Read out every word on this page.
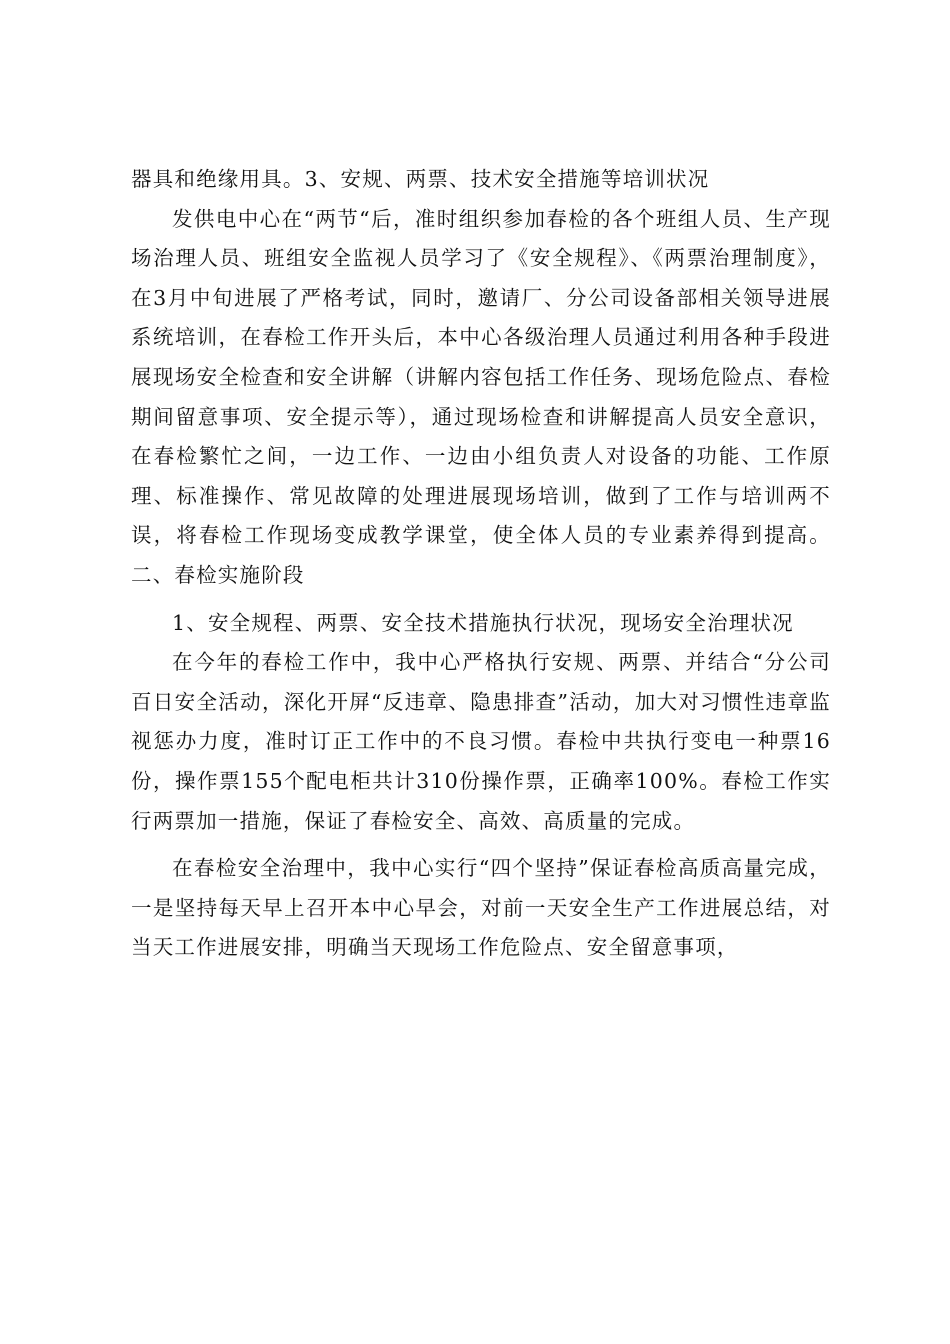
器具和绝缘用具。3、安规、两票、技术安全措施等培训状况

发供电中心在“两节“后，准时组织参加春检的各个班组人员、生产现场治理人员、班组安全监视人员学习了《安全规程》、《两票治理制度》，在3月中旬进展了严格考试，同时，邀请厂、分公司设备部相关领导进展系统培训，在春检工作开头后，本中心各级治理人员通过利用各种手段进展现场安全检查和安全讲解（讲解内容包括工作任务、现场危险点、春检期间留意事项、安全提示等），通过现场检查和讲解提高人员安全意识，在春检繁忙之间，一边工作、一边由小组负责人对设备的功能、工作原理、标准操作、常见故障的处理进展现场培训，做到了工作与培训两不误，将春检工作现场变成教学课堂，使全体人员的专业素养得到提高。二、春检实施阶段

1、安全规程、两票、安全技术措施执行状况，现场安全治理状况

在今年的春检工作中，我中心严格执行安规、两票、并结合“分公司百日安全活动，深化开屏“反违章、隐患排查”活动，加大对习惯性违章监视惩办力度，准时订正工作中的不良习惯。春检中共执行变电一种票16份，操作票155个配电柜共计310份操作票，正确率100%。春检工作实行两票加一措施，保证了春检安全、高效、高质量的完成。

在春检安全治理中，我中心实行“四个坚持”保证春检高质高量完成，一是坚持每天早上召开本中心早会，对前一天安全生产工作进展总结，对当天工作进展安排，明确当天现场工作危险点、安全留意事项，
